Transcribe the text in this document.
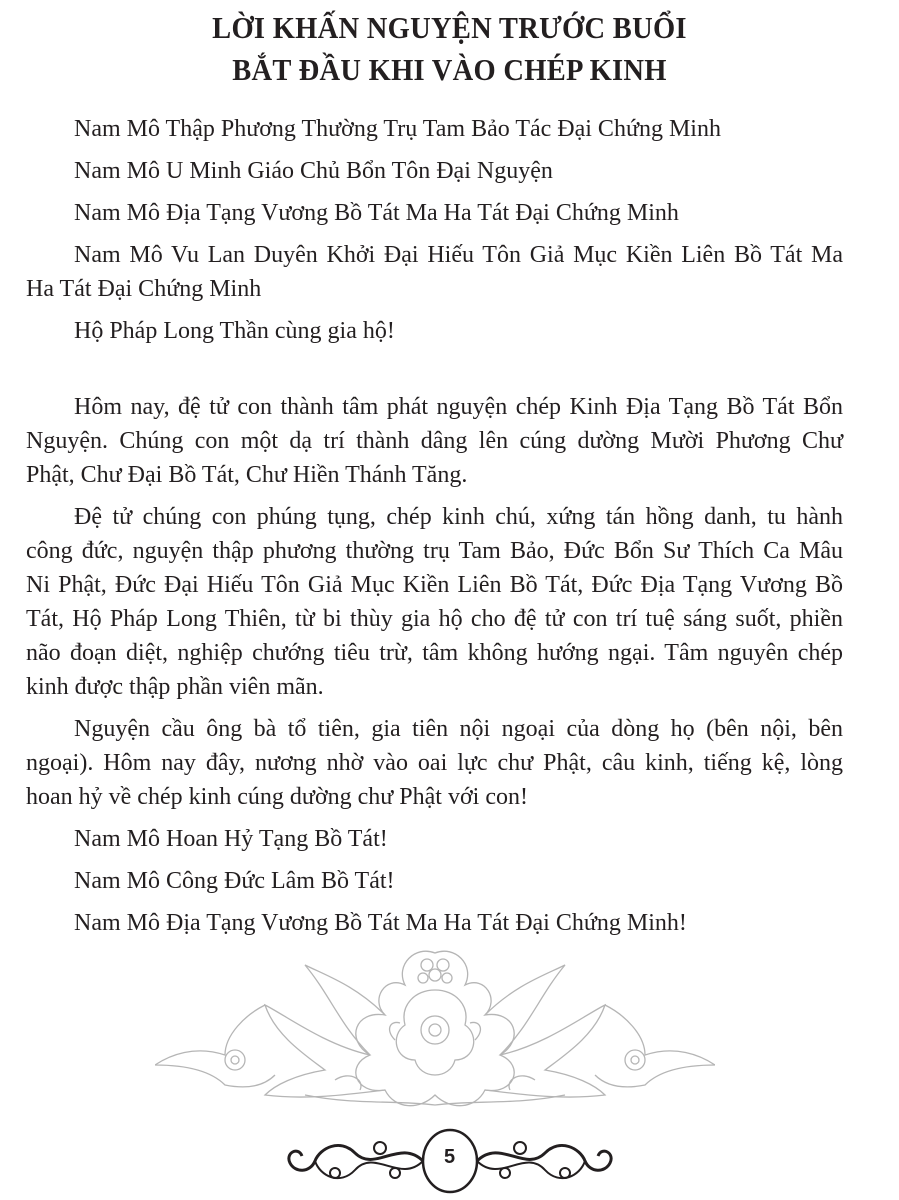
LỜI KHẤN NGUYỆN TRƯỚC BUỔI
BẮT ĐẦU KHI VÀO CHÉP KINH
Nam Mô Thập Phương Thường Trụ Tam Bảo Tác Đại Chứng Minh
Nam Mô U Minh Giáo Chủ Bổn Tôn Đại Nguyện
Nam Mô Địa Tạng Vương Bồ Tát Ma Ha Tát Đại Chứng Minh
Nam Mô Vu Lan Duyên Khởi Đại Hiếu Tôn Giả Mục Kiền Liên Bồ Tát Ma
Ha Tát Đại Chứng Minh
Hộ Pháp Long Thần cùng gia hộ!
Hôm nay, đệ tử con thành tâm phát nguyện chép Kinh Địa Tạng Bồ Tát Bổn
Nguyện. Chúng con một dạ trí thành dâng lên cúng dường Mười Phương Chư
Phật, Chư Đại Bồ Tát, Chư Hiền Thánh Tăng.
Đệ tử chúng con phúng tụng, chép kinh chú, xứng tán hồng danh, tu hành
công đức, nguyện thập phương thường trụ Tam Bảo, Đức Bổn Sư Thích Ca Mâu
Ni Phật, Đức Đại Hiếu Tôn Giả Mục Kiền Liên Bồ Tát, Đức Địa Tạng Vương Bồ
Tát, Hộ Pháp Long Thiên, từ bi thùy gia hộ cho đệ tử con trí tuệ sáng suốt, phiền
não đoạn diệt, nghiệp chướng tiêu trừ, tâm không hướng ngại. Tâm nguyên chép
kinh được thập phần viên mãn.
Nguyện cầu ông bà tổ tiên, gia tiên nội ngoại của dòng họ (bên nội, bên
ngoại). Hôm nay đây, nương nhờ vào oai lực chư Phật, câu kinh, tiếng kệ, lòng
hoan hỷ về chép kinh cúng dường chư Phật với con!
Nam Mô Hoan Hỷ Tạng Bồ Tát!
Nam Mô Công Đức Lâm Bồ Tát!
Nam Mô Địa Tạng Vương Bồ Tát Ma Ha Tát Đại Chứng Minh!
5
